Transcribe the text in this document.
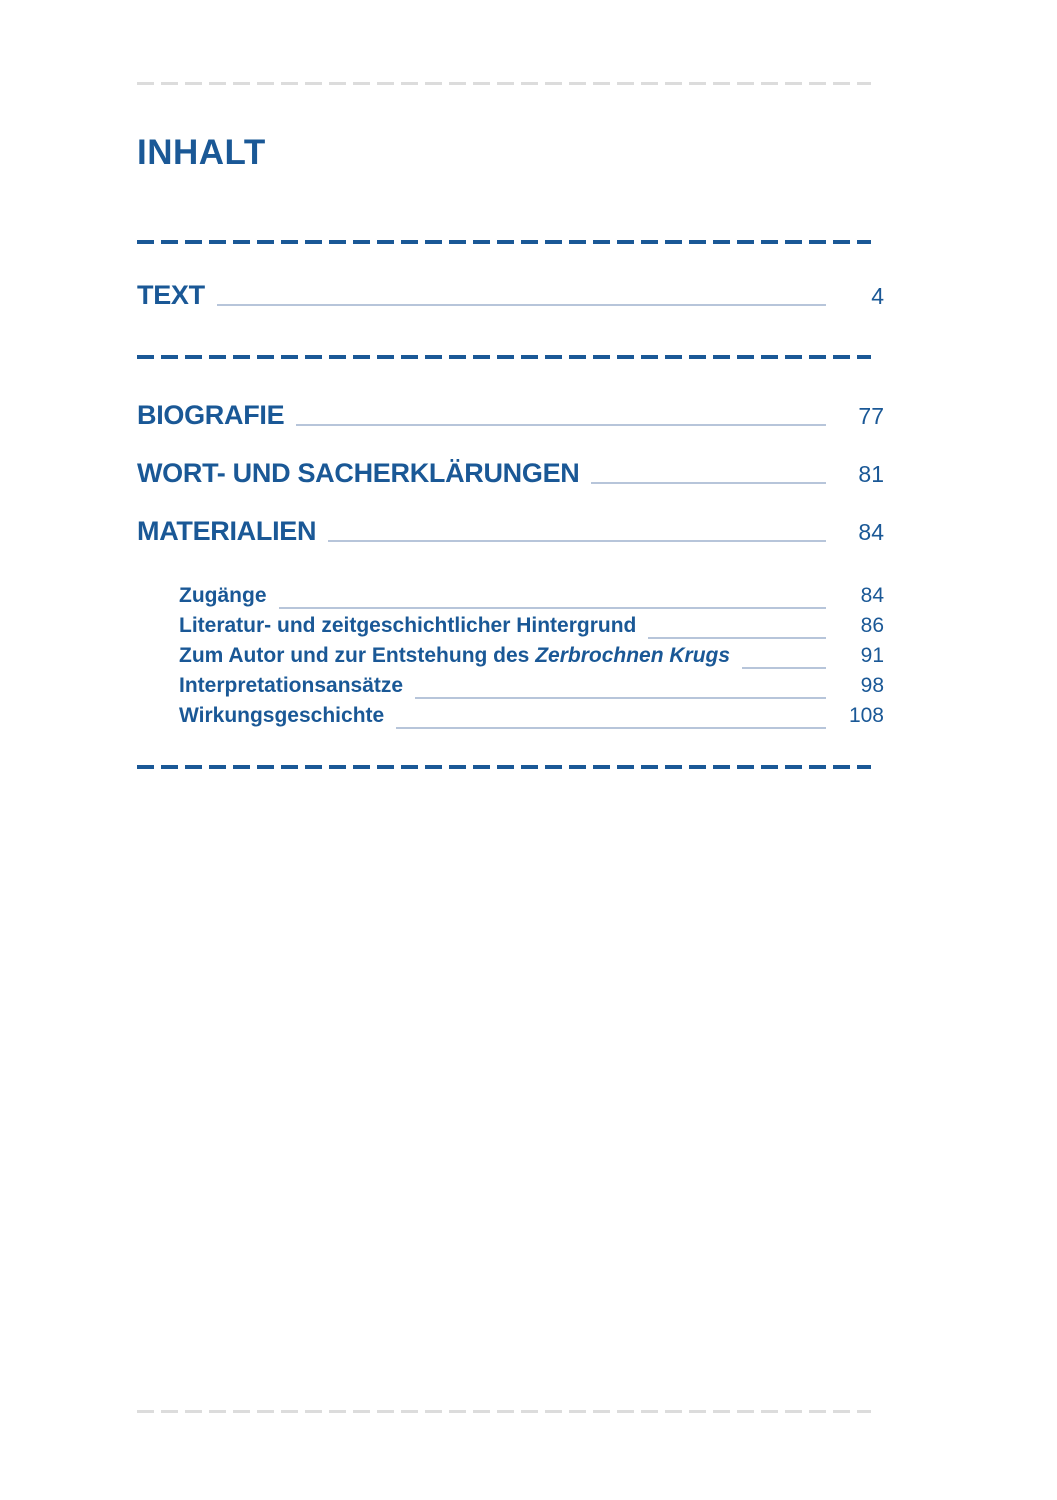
INHALT
TEXT	4
BIOGRAFIE	77
WORT- UND SACHERKLÄRUNGEN	81
MATERIALIEN	84
Zugänge	84
Literatur- und zeitgeschichtlicher Hintergrund	86
Zum Autor und zur Entstehung des Zerbrochnen Krugs	91
Interpretationsansätze	98
Wirkungsgeschichte	108
